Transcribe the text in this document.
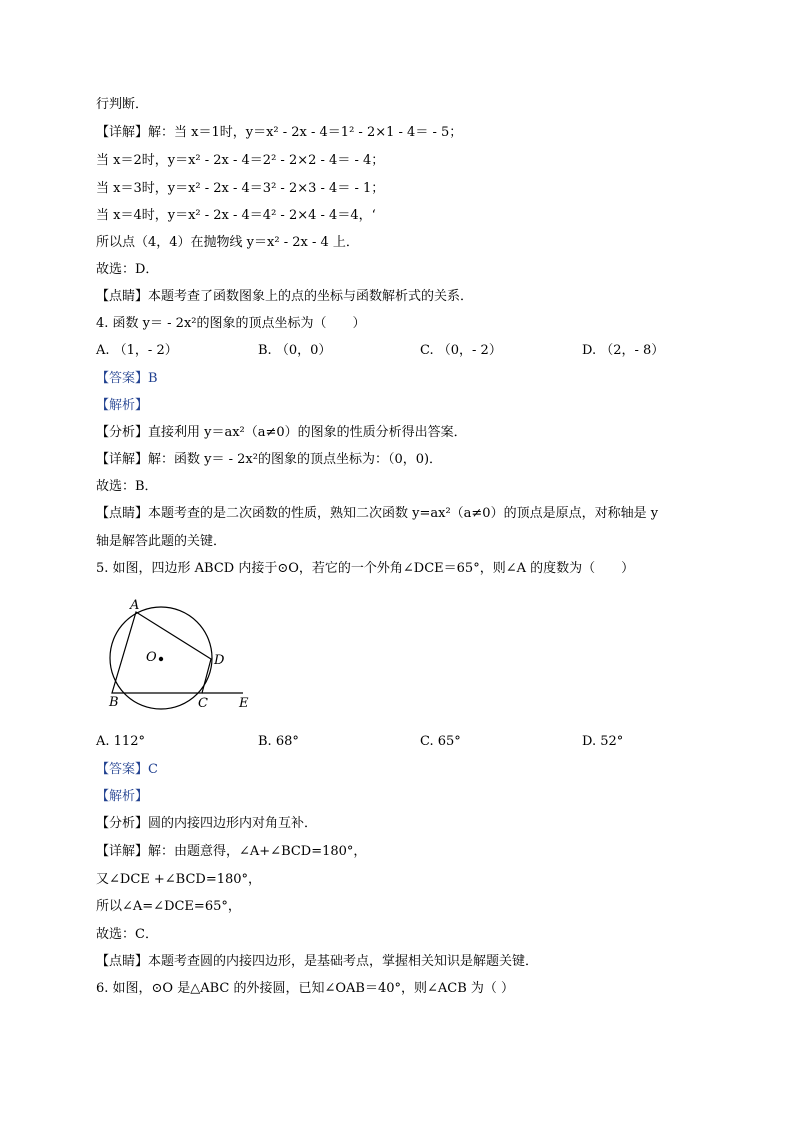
行判断．
【详解】解：当 x＝1时，y＝x² - 2x - 4＝1² - 2×1 - 4＝ - 5；
当 x＝2时，y＝x² - 2x - 4＝2² - 2×2 - 4＝ - 4；
当 x＝3时，y＝x² - 2x - 4＝3² - 2×3 - 4＝ - 1；
当 x＝4时，y＝x² - 2x - 4＝4² - 2×4 - 4＝4，‘
所以点（4，4）在抛物线 y＝x² - 2x - 4 上．
故选：D．
【点睛】本题考查了函数图象上的点的坐标与函数解析式的关系．
4. 函数 y＝ - 2x²的图象的顶点坐标为（　　）
A. （1，- 2）	B. （0，0）	C. （0，- 2）	D. （2，- 8）
【答案】B
【解析】
【分析】直接利用 y＝ax²（a≠0）的图象的性质分析得出答案．
【详解】解：函数 y＝ - 2x²的图象的顶点坐标为：（0，0)．
故选：B．
【点睛】本题考查的是二次函数的性质，熟知二次函数 y=ax²（a≠0）的顶点是原点，对称轴是 y
轴是解答此题的关键．
5. 如图，四边形 ABCD 内接于⊙O，若它的一个外角∠DCE＝65°，则∠A 的度数为（　　）
A
B	C
D
E
O
A. 112°	B. 68°	C. 65°	D. 52°
【答案】C
【解析】
【分析】圆的内接四边形内对角互补．
【详解】解：由题意得，∠A+∠BCD=180°，
又∠DCE +∠BCD=180°，
所以∠A=∠DCE=65°，
故选：C．
【点睛】本题考查圆的内接四边形，是基础考点，掌握相关知识是解题关键．
6. 如图，⊙O 是△ABC 的外接圆，已知∠OAB＝40°，则∠ACB 为（ ）
